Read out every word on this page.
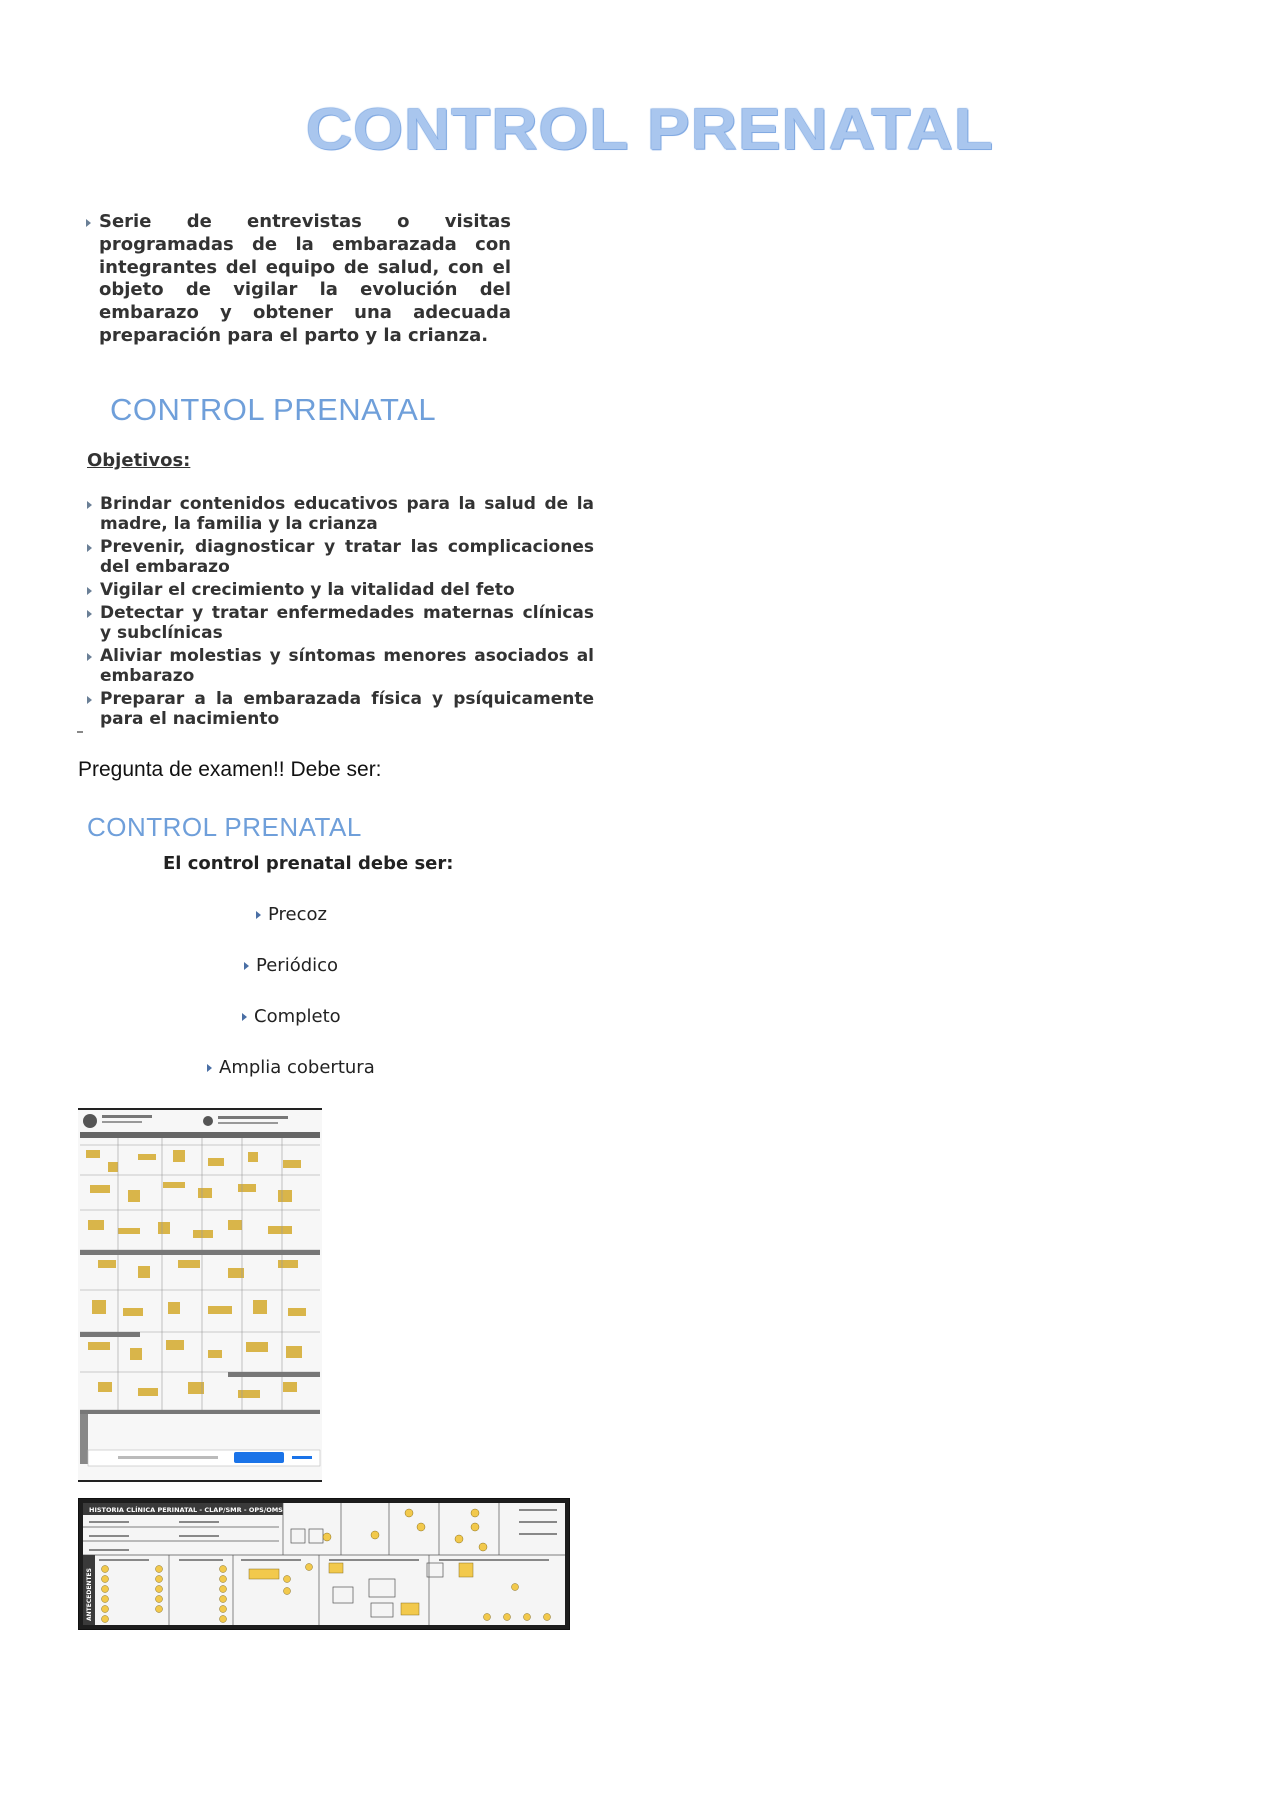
CONTROL PRENATAL
Serie de entrevistas o visitas programadas de la embarazada con integrantes del equipo de salud, con el objeto de vigilar la evolución del embarazo y obtener una adecuada preparación para el parto y la crianza.
CONTROL PRENATAL
Objetivos:
Brindar contenidos educativos para la salud de la madre, la familia y la crianza
Prevenir, diagnosticar y tratar las complicaciones del embarazo
Vigilar el crecimiento y la vitalidad del feto
Detectar y tratar enfermedades maternas clínicas y subclínicas
Aliviar molestias y síntomas menores asociados al embarazo
Preparar a la embarazada física y psíquicamente para el nacimiento
Pregunta de examen!! Debe ser:
CONTROL PRENATAL
El control prenatal debe ser:
Precoz
Periódico
Completo
Amplia cobertura
HISTORIA CLÍNICA PERINATAL - CLAP/SMR - OPS/OMS
ANTECEDENTES
